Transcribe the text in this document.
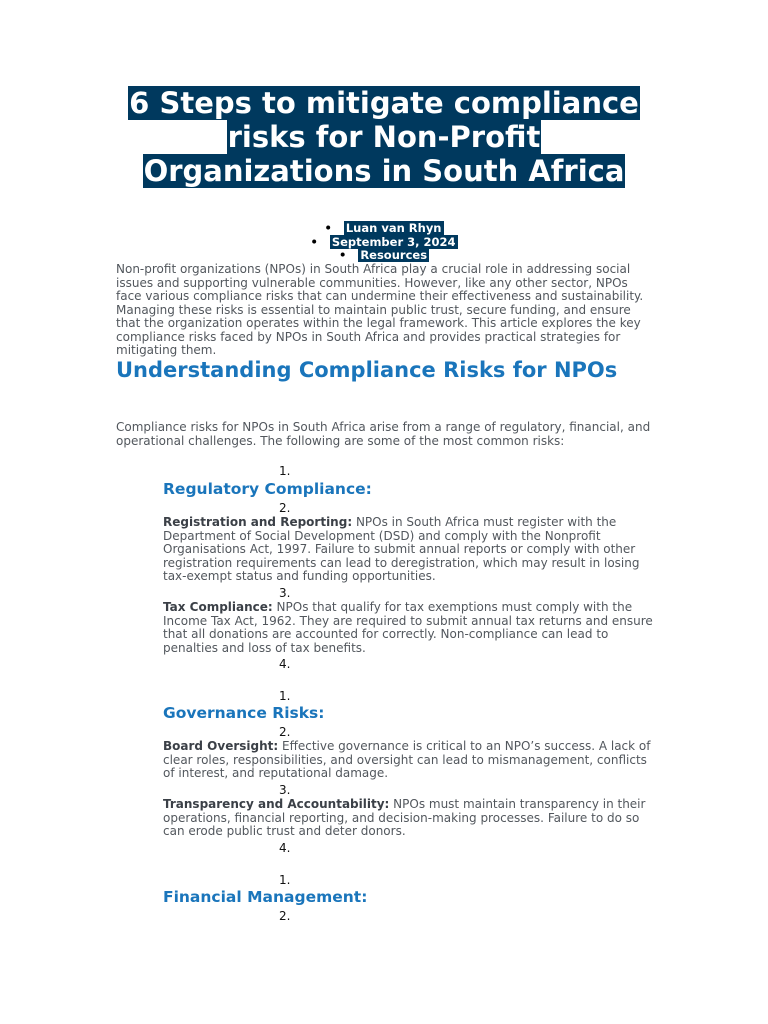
6 Steps to mitigate compliance risks for Non-Profit Organizations in South Africa
• Luan van Rhyn
• September 3, 2024
• Resources

Non-profit organizations (NPOs) in South Africa play a crucial role in addressing social issues and supporting vulnerable communities. However, like any other sector, NPOs face various compliance risks that can undermine their effectiveness and sustainability. Managing these risks is essential to maintain public trust, secure funding, and ensure that the organization operates within the legal framework. This article explores the key compliance risks faced by NPOs in South Africa and provides practical strategies for mitigating them.

Understanding Compliance Risks for NPOs

Compliance risks for NPOs in South Africa arise from a range of regulatory, financial, and operational challenges. The following are some of the most common risks:

1.
Regulatory Compliance:
2.

Registration and Reporting: NPOs in South Africa must register with the Department of Social Development (DSD) and comply with the Nonprofit Organisations Act, 1997. Failure to submit annual reports or comply with other registration requirements can lead to deregistration, which may result in losing tax-exempt status and funding opportunities.

3.

Tax Compliance: NPOs that qualify for tax exemptions must comply with the Income Tax Act, 1962. They are required to submit annual tax returns and ensure that all donations are accounted for correctly. Non-compliance can lead to penalties and loss of tax benefits.

4.
1.
Governance Risks:
2.

Board Oversight: Effective governance is critical to an NPO’s success. A lack of clear roles, responsibilities, and oversight can lead to mismanagement, conflicts of interest, and reputational damage.

3.

Transparency and Accountability: NPOs must maintain transparency in their operations, financial reporting, and decision-making processes. Failure to do so can erode public trust and deter donors.

4.
1.
Financial Management:
2.
